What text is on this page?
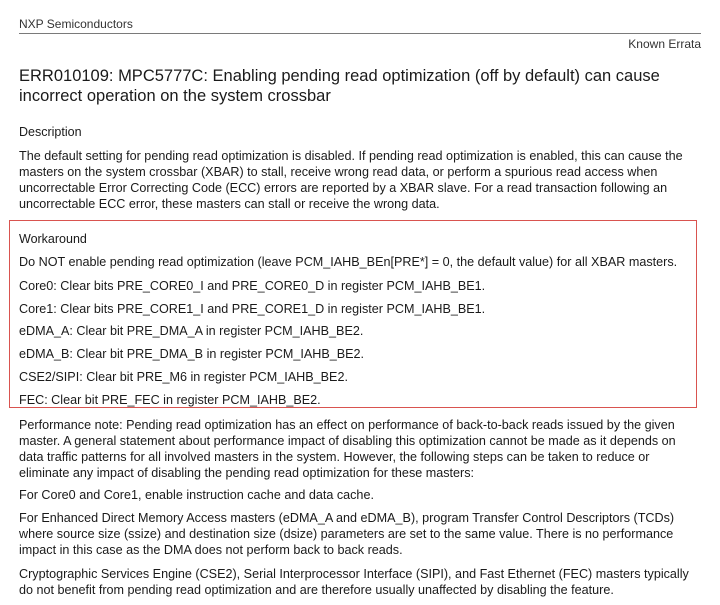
NXP Semiconductors
Known Errata
ERR010109: MPC5777C: Enabling pending read optimization (off by default) can cause incorrect operation on the system crossbar
Description

The default setting for pending read optimization is disabled. If pending read optimization is enabled, this can cause the masters on the system crossbar (XBAR) to stall, receive wrong read data, or perform a spurious read access when uncorrectable Error Correcting Code (ECC) errors are reported by a XBAR slave. For a read transaction following an uncorrectable ECC error, these masters can stall or receive the wrong data.

Workaround
Do NOT enable pending read optimization (leave PCM_IAHB_BEn[PRE*] = 0, the default value) for all XBAR masters.
Core0: Clear bits PRE_CORE0_I and PRE_CORE0_D in register PCM_IAHB_BE1.
Core1: Clear bits PRE_CORE1_I and PRE_CORE1_D in register PCM_IAHB_BE1.
eDMA_A: Clear bit PRE_DMA_A in register PCM_IAHB_BE2.
eDMA_B: Clear bit PRE_DMA_B in register PCM_IAHB_BE2.
CSE2/SIPI: Clear bit PRE_M6 in register PCM_IAHB_BE2.
FEC: Clear bit PRE_FEC in register PCM_IAHB_BE2.

Performance note: Pending read optimization has an effect on performance of back-to-back reads issued by the given master. A general statement about performance impact of disabling this optimization cannot be made as it depends on data traffic patterns for all involved masters in the system. However, the following steps can be taken to reduce or eliminate any impact of disabling the pending read optimization for these masters:

For Core0 and Core1, enable instruction cache and data cache.

For Enhanced Direct Memory Access masters (eDMA_A and eDMA_B), program Transfer Control Descriptors (TCDs) where source size (ssize) and destination size (dsize) parameters are set to the same value. There is no performance impact in this case as the DMA does not perform back to back reads.

Cryptographic Services Engine (CSE2), Serial Interprocessor Interface (SIPI), and Fast Ethernet (FEC) masters typically do not benefit from pending read optimization and are therefore usually unaffected by disabling the feature.
